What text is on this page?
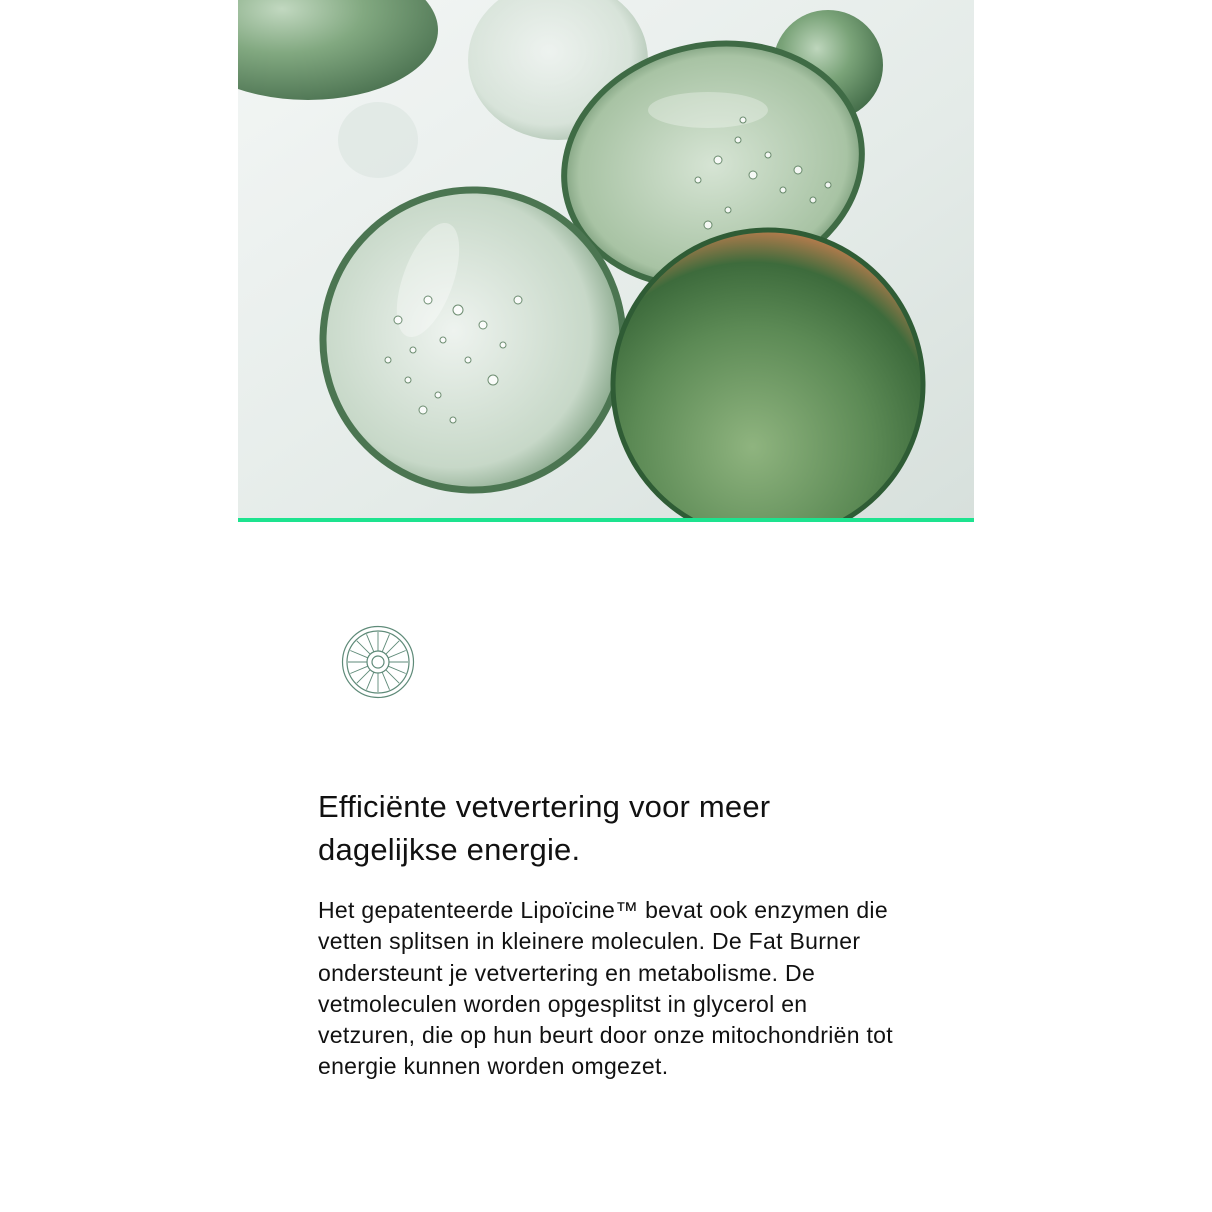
Efficiënte vetvertering voor meer dagelijkse energie.

Het gepatenteerde Lipoïcine™ bevat ook enzymen die vetten splitsen in kleinere moleculen. De Fat Burner ondersteunt je vetvertering en metabolisme. De vetmoleculen worden opgesplitst in glycerol en vetzuren, die op hun beurt door onze mitochondriën tot energie kunnen worden omgezet.
